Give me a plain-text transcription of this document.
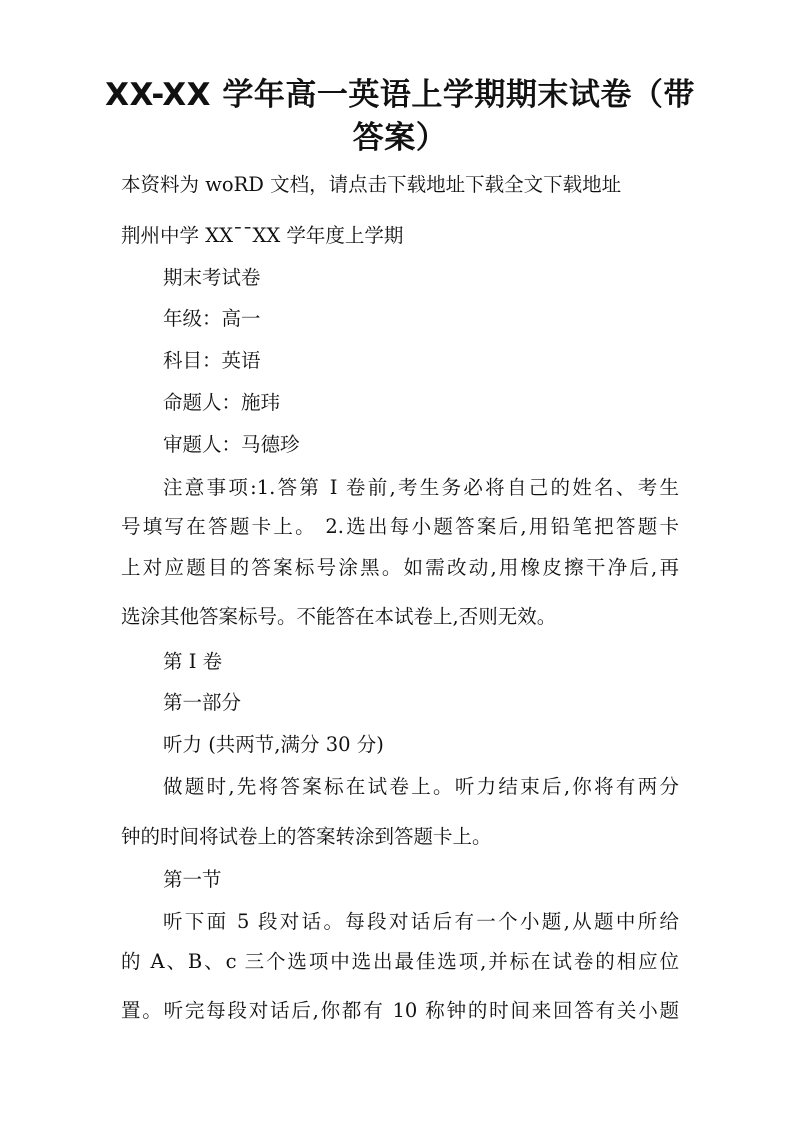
XX-XX 学年高一英语上学期期末试卷（带
答案）

本资料为 woRD 文档，请点击下载地址下载全文下载地址

荆州中学 XX¯¯XX 学年度上学期

期末考试卷

年级：高一

科目：英语

命题人：施玮

审题人：马德珍

注意事项:1.答第 I 卷前,考生务必将自己的姓名、考生

号填写在答题卡上。 2.选出每小题答案后,用铅笔把答题卡

上对应题目的答案标号涂黑。如需改动,用橡皮擦干净后,再

选涂其他答案标号。不能答在本试卷上,否则无效。

第 I 卷

第一部分

听力 (共两节,满分 30 分)

做题时,先将答案标在试卷上。听力结束后,你将有两分

钟的时间将试卷上的答案转涂到答题卡上。

第一节

听下面 5 段对话。每段对话后有一个小题,从题中所给

的 A、B、c 三个选项中选出最佳选项,并标在试卷的相应位

置。听完每段对话后,你都有 10 称钟的时间来回答有关小题
